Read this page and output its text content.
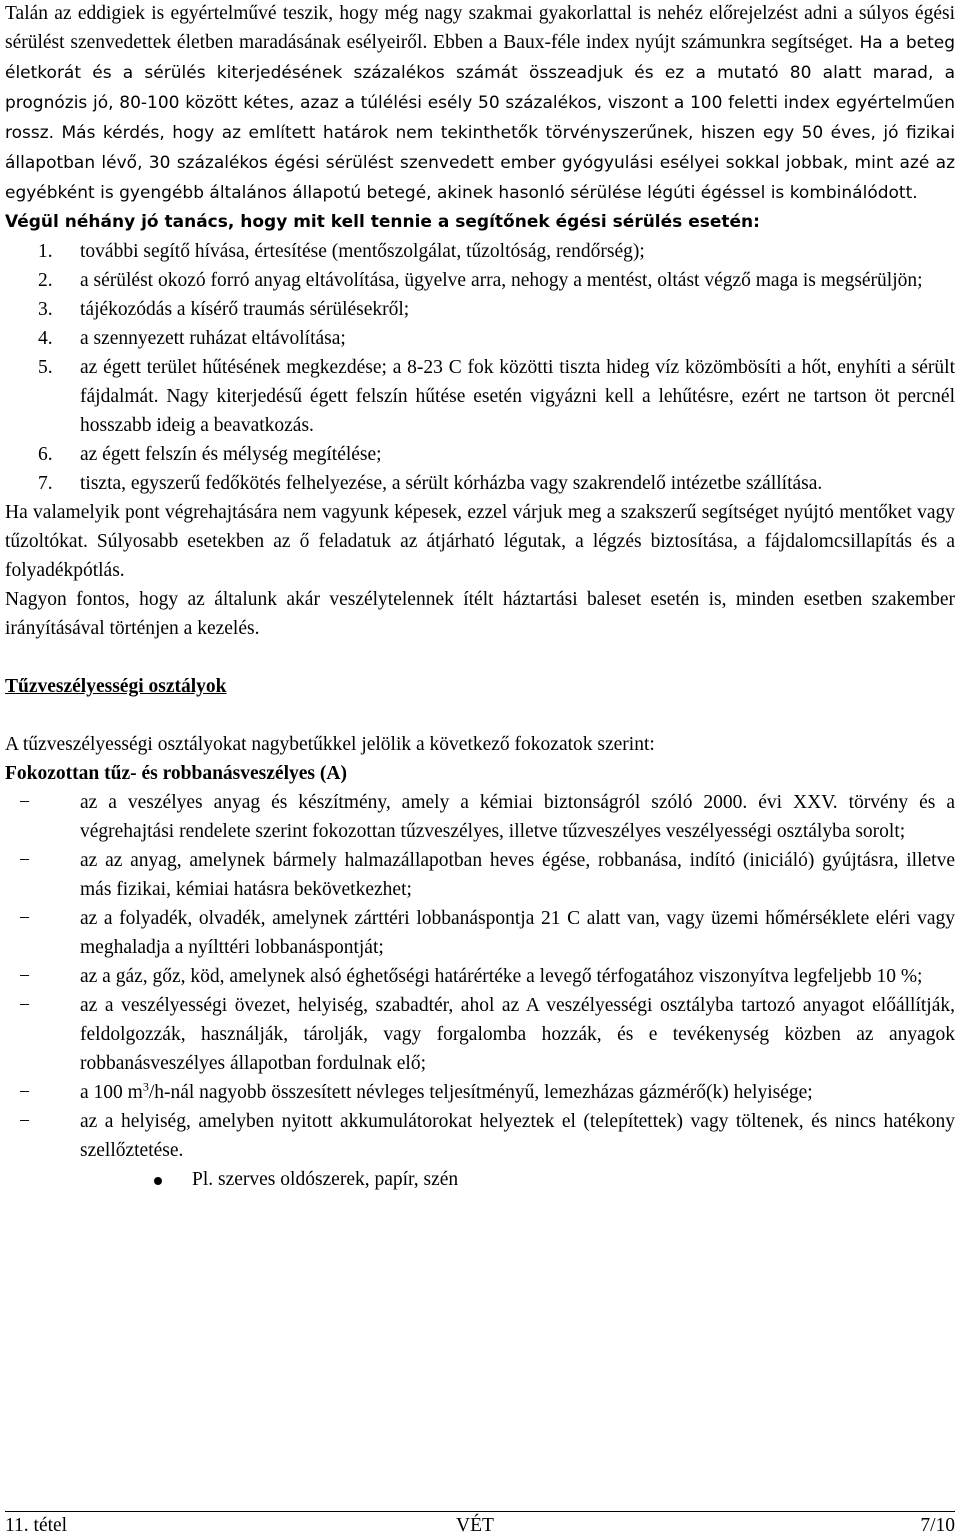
Talán az eddigiek is egyértelművé teszik, hogy még nagy szakmai gyakorlattal is nehéz előrejelzést adni a súlyos égési sérülést szenvedettek életben maradásának esélyeiről. Ebben a Baux-féle index nyújt számunkra segítséget. Ha a beteg életkorát és a sérülés kiterjedésének százalékos számát összeadjuk és ez a mutató 80 alatt marad, a prognózis jó, 80-100 között kétes, azaz a túlélési esély 50 százalékos, viszont a 100 feletti index egyértelműen rossz. Más kérdés, hogy az említett határok nem tekinthetők törvényszerűnek, hiszen egy 50 éves, jó fizikai állapotban lévő, 30 százalékos égési sérülést szenvedett ember gyógyulási esélyei sokkal jobbak, mint azé az egyébként is gyengébb általános állapotú betegé, akinek hasonló sérülése légúti égéssel is kombinálódott.

Végül néhány jó tanács, hogy mit kell tennie a segítőnek égési sérülés esetén:

1. további segítő hívása, értesítése (mentőszolgálat, tűzoltóság, rendőrség);
2. a sérülést okozó forró anyag eltávolítása, ügyelve arra, nehogy a mentést, oltást végző maga is megsérüljön;
3. tájékozódás a kísérő traumás sérülésekről;
4. a szennyezett ruházat eltávolítása;
5. az égett terület hűtésének megkezdése; a 8-23 C fok közötti tiszta hideg víz közömbösíti a hőt, enyhíti a sérült fájdalmát. Nagy kiterjedésű égett felszín hűtése esetén vigyázni kell a lehűtésre, ezért ne tartson öt percnél hosszabb ideig a beavatkozás.
6. az égett felszín és mélység megítélése;
7. tiszta, egyszerű fedőkötés felhelyezése, a sérült kórházba vagy szakrendelő intézetbe szállítása.

Ha valamelyik pont végrehajtására nem vagyunk képesek, ezzel várjuk meg a szakszerű segítséget nyújtó mentőket vagy tűzoltókat. Súlyosabb esetekben az ő feladatuk az átjárható légutak, a légzés biztosítása, a fájdalomcsillapítás és a folyadékpótlás.

Nagyon fontos, hogy az általunk akár veszélytelennek ítélt háztartási baleset esetén is, minden esetben szakember irányításával történjen a kezelés.

Tűzveszélyességi osztályok

A tűzveszélyességi osztályokat nagybetűkkel jelölik a következő fokozatok szerint:

Fokozottan tűz- és robbanásveszélyes (A)

−	az a veszélyes anyag és készítmény, amely a kémiai biztonságról szóló 2000. évi XXV. törvény és a végrehajtási rendelete szerint fokozottan tűzveszélyes, illetve tűzveszélyes veszélyességi osztályba sorolt;
−	az az anyag, amelynek bármely halmazállapotban heves égése, robbanása, indító (iniciáló) gyújtásra, illetve más fizikai, kémiai hatásra bekövetkezhet;
−	az a folyadék, olvadék, amelynek zárttéri lobbanáspontja 21 C alatt van, vagy üzemi hőmérséklete eléri vagy meghaladja a nyílttéri lobbanáspontját;
−	az a gáz, gőz, köd, amelynek alsó éghetőségi határértéke a levegő térfogatához viszonyítva legfeljebb 10 %;
−	az a veszélyességi övezet, helyiség, szabadtér, ahol az A veszélyességi osztályba tartozó anyagot előállítják, feldolgozzák, használják, tárolják, vagy forgalomba hozzák, és e tevékenység közben az anyagok robbanásveszélyes állapotban fordulnak elő;
−	a 100 $m^3/h$-nál nagyobb összesített névleges teljesítményű, lemezházas gázmérő(k) helyisége;
−	az a helyiség, amelyben nyitott akkumulátorokat helyeztek el (telepítettek) vagy töltenek, és nincs hatékony szellőztetése.
Pl. szerves oldószerek, papír, szén
11. tétel	VÉT	7/10
